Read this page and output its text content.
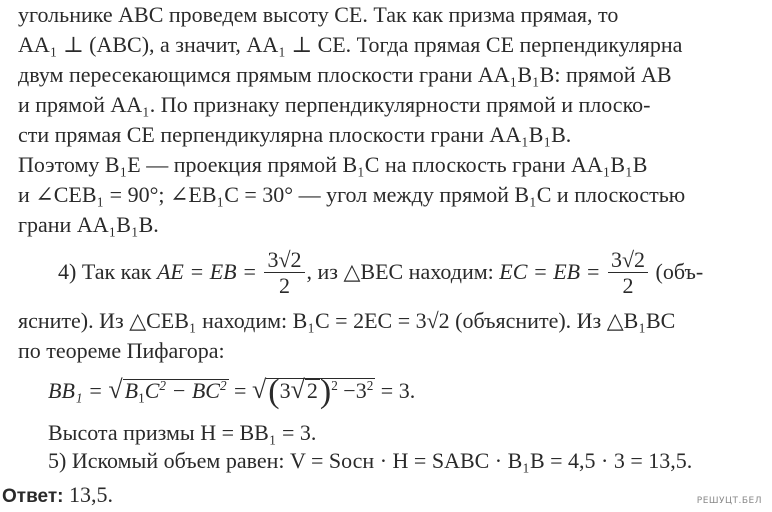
угольнике ABC проведем высоту CE. Так как призма прямая, то
AA₁ ⊥ (ABC), а значит, AA₁ ⊥ CE. Тогда прямая CE перпендикулярна
двум пересекающимся прямым плоскости грани AA₁B₁B: прямой AB
и прямой AA₁. По признаку перпендикулярности прямой и плоско-
сти прямая CE перпендикулярна плоскости грани AA₁B₁B.
Поэтому B₁E — проекция прямой B₁C на плоскость грани AA₁B₁B
и ∠CEB₁ = 90°; ∠EB₁C = 30° — угол между прямой B₁C и плоскостью
грани AA₁B₁B.
4) Так как AE = EB = $\frac{3√2}{2}$ , из △BEC находим: EC = EB = $\frac{3√2}{2} (объ-$
ясните). Из △CEB₁ находим: B₁C = 2EC = 3√2 (объясните). Из △B₁BC
по теореме Пифагора:
$BB_1 = √B_1C^2 - BC^2 = √(3√2)^2 -3^2 = 3$.
Высота призмы H = BB₁ = 3.
5) Искомый объем равен: V = Sосн · H = SABC · B₁B = 4,5 · 3 = 13,5.
Ответ: 13,5.	РЕШУЦТ.БЕЛ
